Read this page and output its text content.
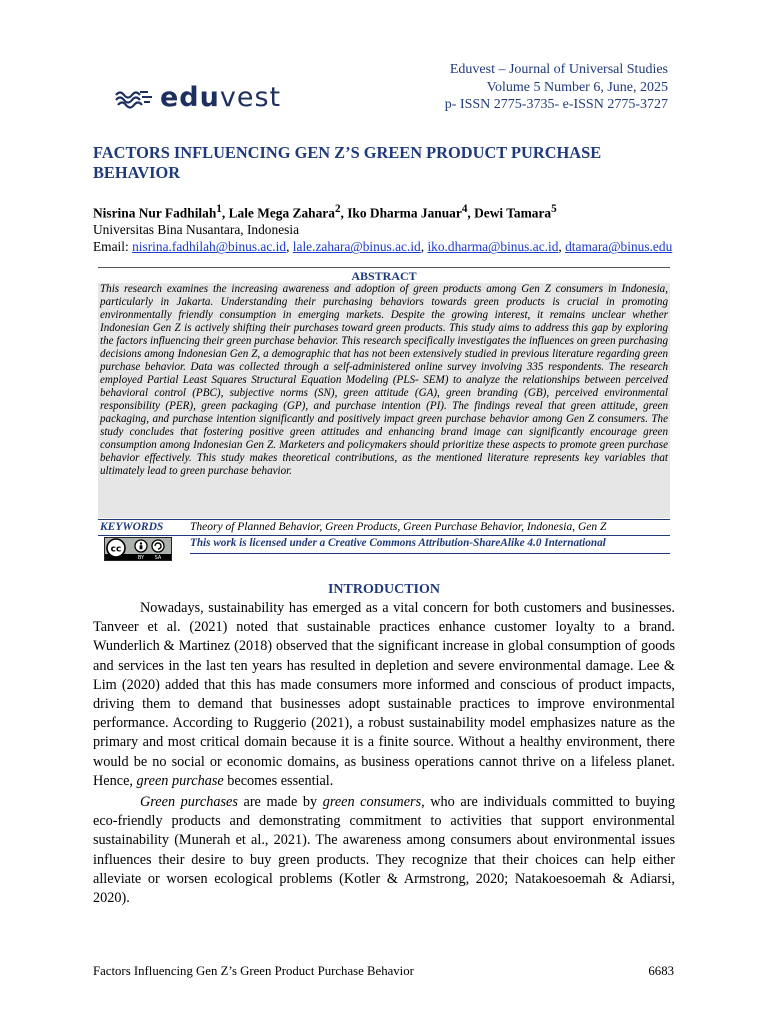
eduvest
Eduvest – Journal of Universal Studies
Volume 5 Number 6, June, 2025
p- ISSN 2775-3735- e-ISSN 2775-3727
FACTORS INFLUENCING GEN Z’S GREEN PRODUCT PURCHASE BEHAVIOR
Nisrina Nur Fadhilah$^1$, Lale Mega Zahara$^2$, Iko Dharma Januar$^4$, Dewi Tamara$^5$
Universitas Bina Nusantara, Indonesia
Email: nisrina.fadhilah@binus.ac.id, lale.zahara@binus.ac.id, iko.dharma@binus.ac.id, dtamara@binus.edu
ABSTRACT
This research examines the increasing awareness and adoption of green products among Gen Z consumers in Indonesia, particularly in Jakarta. Understanding their purchasing behaviors towards green products is crucial in promoting environmentally friendly consumption in emerging markets. Despite the growing interest, it remains unclear whether Indonesian Gen Z is actively shifting their purchases toward green products. This study aims to address this gap by exploring the factors influencing their green purchase behavior. This research specifically investigates the influences on green purchasing decisions among Indonesian Gen Z, a demographic that has not been extensively studied in previous literature regarding green purchase behavior. Data was collected through a self-administered online survey involving 335 respondents. The research employed Partial Least Squares Structural Equation Modeling (PLS- SEM) to analyze the relationships between perceived behavioral control (PBC), subjective norms (SN), green attitude (GA), green branding (GB), perceived environmental responsibility (PER), green packaging (GP), and purchase intention (PI). The findings reveal that green attitude, green packaging, and purchase intention significantly and positively impact green purchase behavior among Gen Z consumers. The study concludes that fostering positive green attitudes and enhancing brand image can significantly encourage green consumption among Indonesian Gen Z. Marketers and policymakers should prioritize these aspects to promote green purchase behavior effectively. This study makes theoretical contributions, as the mentioned literature represents key variables that ultimately lead to green purchase behavior.
KEYWORDS Theory of Planned Behavior, Green Products, Green Purchase Behavior, Indonesia, Gen Z
cc
BY SA
This work is licensed under a Creative Commons Attribution-ShareAlike 4.0 International
INTRODUCTION

Nowadays, sustainability has emerged as a vital concern for both customers and businesses. Tanveer et al. (2021) noted that sustainable practices enhance customer loyalty to a brand. Wunderlich & Martinez (2018) observed that the significant increase in global consumption of goods and services in the last ten years has resulted in depletion and severe environmental damage. Lee & Lim (2020) added that this has made consumers more informed and conscious of product impacts, driving them to demand that businesses adopt sustainable practices to improve environmental performance. According to Ruggerio (2021), a robust sustainability model emphasizes nature as the primary and most critical domain because it is a finite source. Without a healthy environment, there would be no social or economic domains, as business operations cannot thrive on a lifeless planet. Hence, green purchase becomes essential.

Green purchases are made by green consumers, who are individuals committed to buying eco-friendly products and demonstrating commitment to activities that support environmental sustainability (Munerah et al., 2021). The awareness among consumers about environmental issues influences their desire to buy green products. They recognize that their choices can help either alleviate or worsen ecological problems (Kotler & Armstrong, 2020; Natakoesoemah & Adiarsi, 2020).

Factors Influencing Gen Z’s Green Product Purchase Behavior	6683
